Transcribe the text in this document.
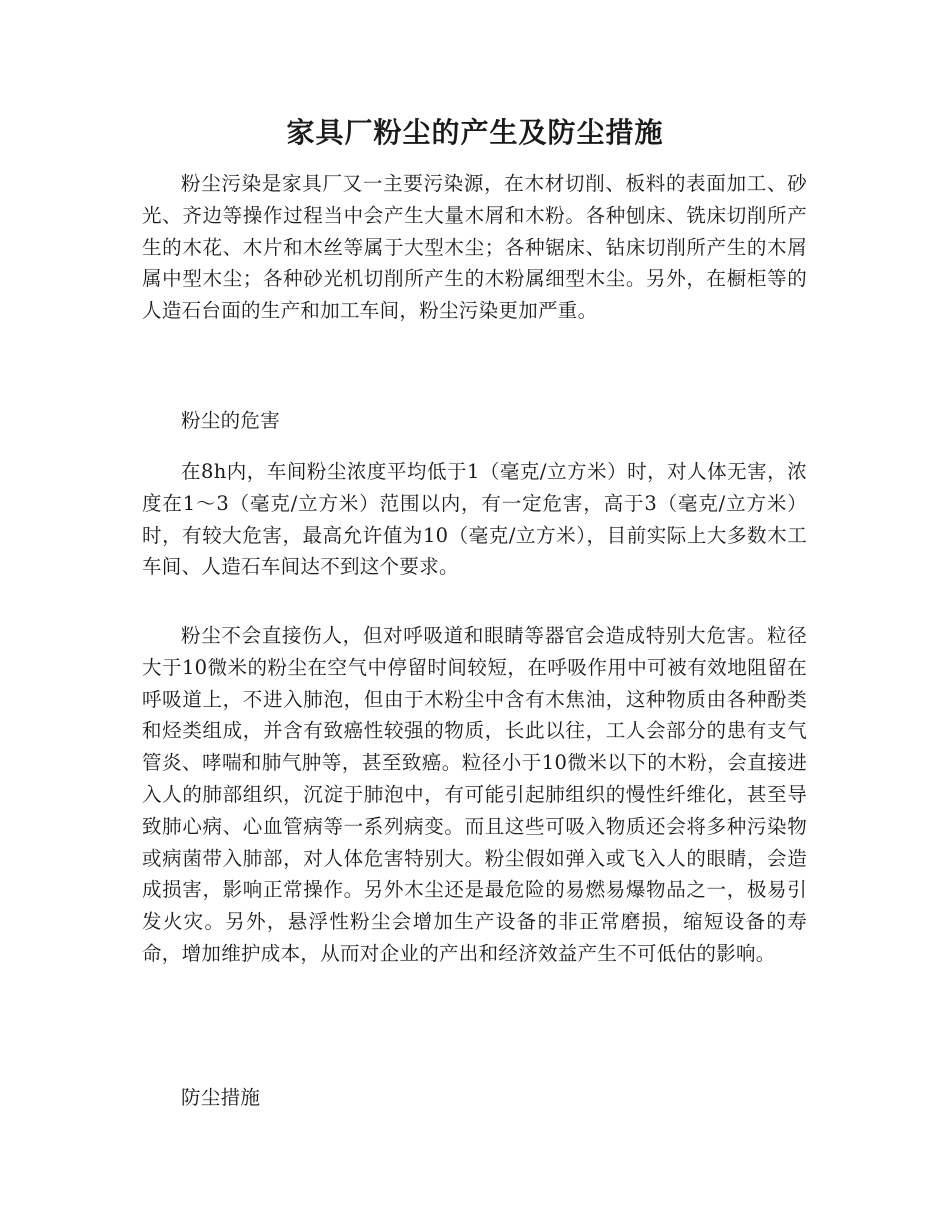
家具厂粉尘的产生及防尘措施

粉尘污染是家具厂又一主要污染源，在木材切削、板料的表面加工、砂光、齐边等操作过程当中会产生大量木屑和木粉。各种刨床、铣床切削所产生的木花、木片和木丝等属于大型木尘；各种锯床、钻床切削所产生的木屑属中型木尘；各种砂光机切削所产生的木粉属细型木尘。另外，在橱柜等的人造石台面的生产和加工车间，粉尘污染更加严重。

粉尘的危害

在8h内，车间粉尘浓度平均低于1（毫克/立方米）时，对人体无害，浓度在1～3（毫克/立方米）范围以内，有一定危害，高于3（毫克/立方米）时，有较大危害，最高允许值为10（毫克/立方米），目前实际上大多数木工车间、人造石车间达不到这个要求。

粉尘不会直接伤人，但对呼吸道和眼睛等器官会造成特别大危害。粒径大于10微米的粉尘在空气中停留时间较短，在呼吸作用中可被有效地阻留在呼吸道上，不进入肺泡，但由于木粉尘中含有木焦油，这种物质由各种酚类和烃类组成，并含有致癌性较强的物质，长此以往，工人会部分的患有支气管炎、哮喘和肺气肿等，甚至致癌。粒径小于10微米以下的木粉，会直接进入人的肺部组织，沉淀于肺泡中，有可能引起肺组织的慢性纤维化，甚至导致肺心病、心血管病等一系列病变。而且这些可吸入物质还会将多种污染物或病菌带入肺部，对人体危害特别大。粉尘假如弹入或飞入人的眼睛，会造成损害，影响正常操作。另外木尘还是最危险的易燃易爆物品之一，极易引发火灾。另外，悬浮性粉尘会增加生产设备的非正常磨损，缩短设备的寿命，增加维护成本，从而对企业的产出和经济效益产生不可低估的影响。

防尘措施
